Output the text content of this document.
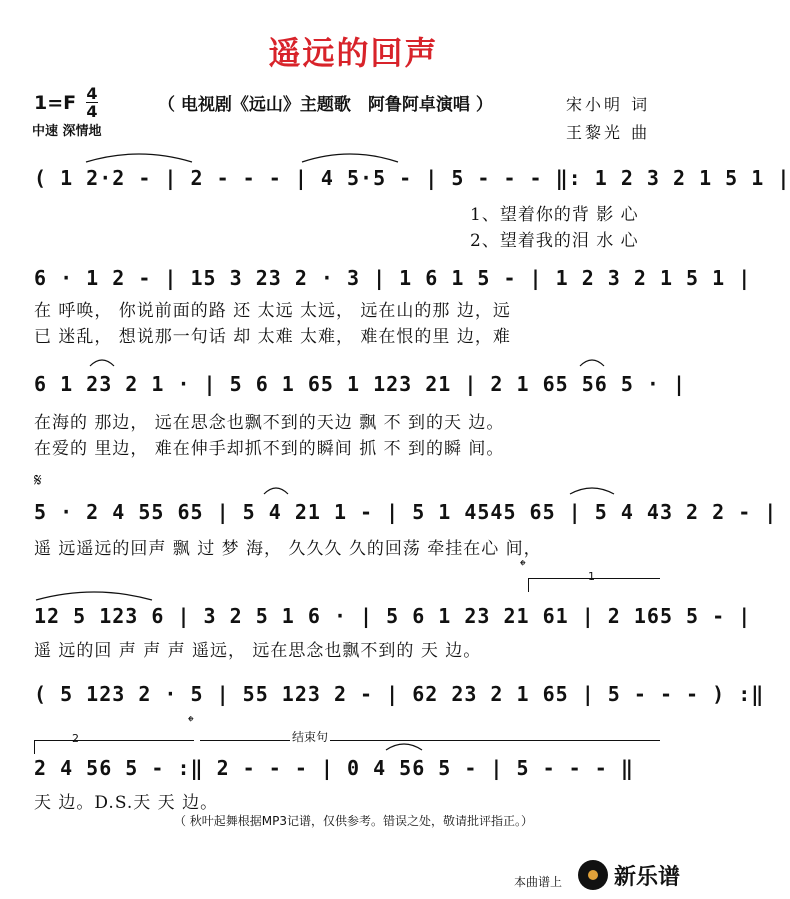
遥远的回声
1=F 4
4	（ 电视剧《远山》主题歌　阿鲁阿卓演唱 ）	宋小明 词
王黎光 曲
中速 深情地
( 1 2·2 - | 2 - - - | 4 5·5 - | 5 - - - ‖: 1 2 3 2 1 5 1 |
1、望着你的背 影 心
2、望着我的泪 水 心
6 · 1 2 - | 15 3 23 2 · 3 | 1 6 1 5 - | 1 2 3 2 1 5 1 |
在 呼唤， 你说前面的路 还 太远 太远， 远在山的那 边，远
已 迷乱， 想说那一句话 却 太难 太难， 难在恨的里 边，难
6 1 23 2 1 · | 5 6 1 65 1 123 21 | 2 1 65 56 5 · |
在海的 那边， 远在思念也飘不到的天边 飘 不 到的天 边。
在爱的 里边， 难在伸手却抓不到的瞬间 抓 不 到的瞬 间。
𝄋
5 · 2 4 55 65 | 5 4 21 1 - | 5 1 4545 65 | 5 4 43 2 2 - |
遥 远遥远的回声 飘 过 梦 海， 久久久 久的回荡 牵挂在心 间，
𝄌
1
12 5 123 6 | 3 2 5 1 6 · | 5 6 1 23 21 61 | 2 165 5 - |
遥 远的回 声 声 声 遥远， 远在思念也飘不到的 天 边。
( 5 123 2 · 5 | 55 123 2 - | 62 23 2 1 65 | 5 - - - ) :‖
2
𝄌
结束句
2 4 56 5 - :‖ 2 - - - | 0 4 56 5 - | 5 - - - ‖
天 边。D.S.天 天 边。
（ 秋叶起舞根据MP3记谱，仅供参考。错误之处，敬请批评指正。）
本曲谱上 新乐谱
